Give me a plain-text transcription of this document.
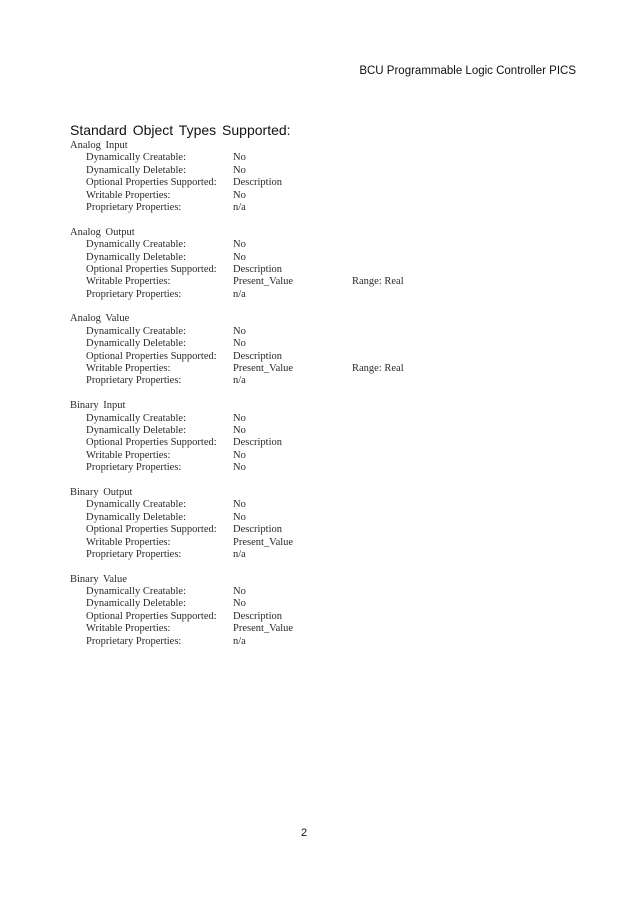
BCU Programmable Logic Controller PICS
Standard Object Types Supported:
Analog Input
Dynamically Creatable:	No
Dynamically Deletable:	No
Optional Properties Supported: Description
Writable Properties:	No
Proprietary Properties:	n/a
Analog Output
Dynamically Creatable:	No
Dynamically Deletable:	No
Optional Properties Supported: Description
Writable Properties:	Present_Value	Range: Real
Proprietary Properties:	n/a
Analog Value
Dynamically Creatable:	No
Dynamically Deletable:	No
Optional Properties Supported: Description
Writable Properties:	Present_Value	Range: Real
Proprietary Properties:	n/a
Binary Input
Dynamically Creatable:	No
Dynamically Deletable:	No
Optional Properties Supported: Description
Writable Properties:	No
Proprietary Properties:	No
Binary Output
Dynamically Creatable:	No
Dynamically Deletable:	No
Optional Properties Supported: Description
Writable Properties:	Present_Value
Proprietary Properties:	n/a
Binary Value
Dynamically Creatable:	No
Dynamically Deletable:	No
Optional Properties Supported: Description
Writable Properties:	Present_Value
Proprietary Properties:	n/a
2
